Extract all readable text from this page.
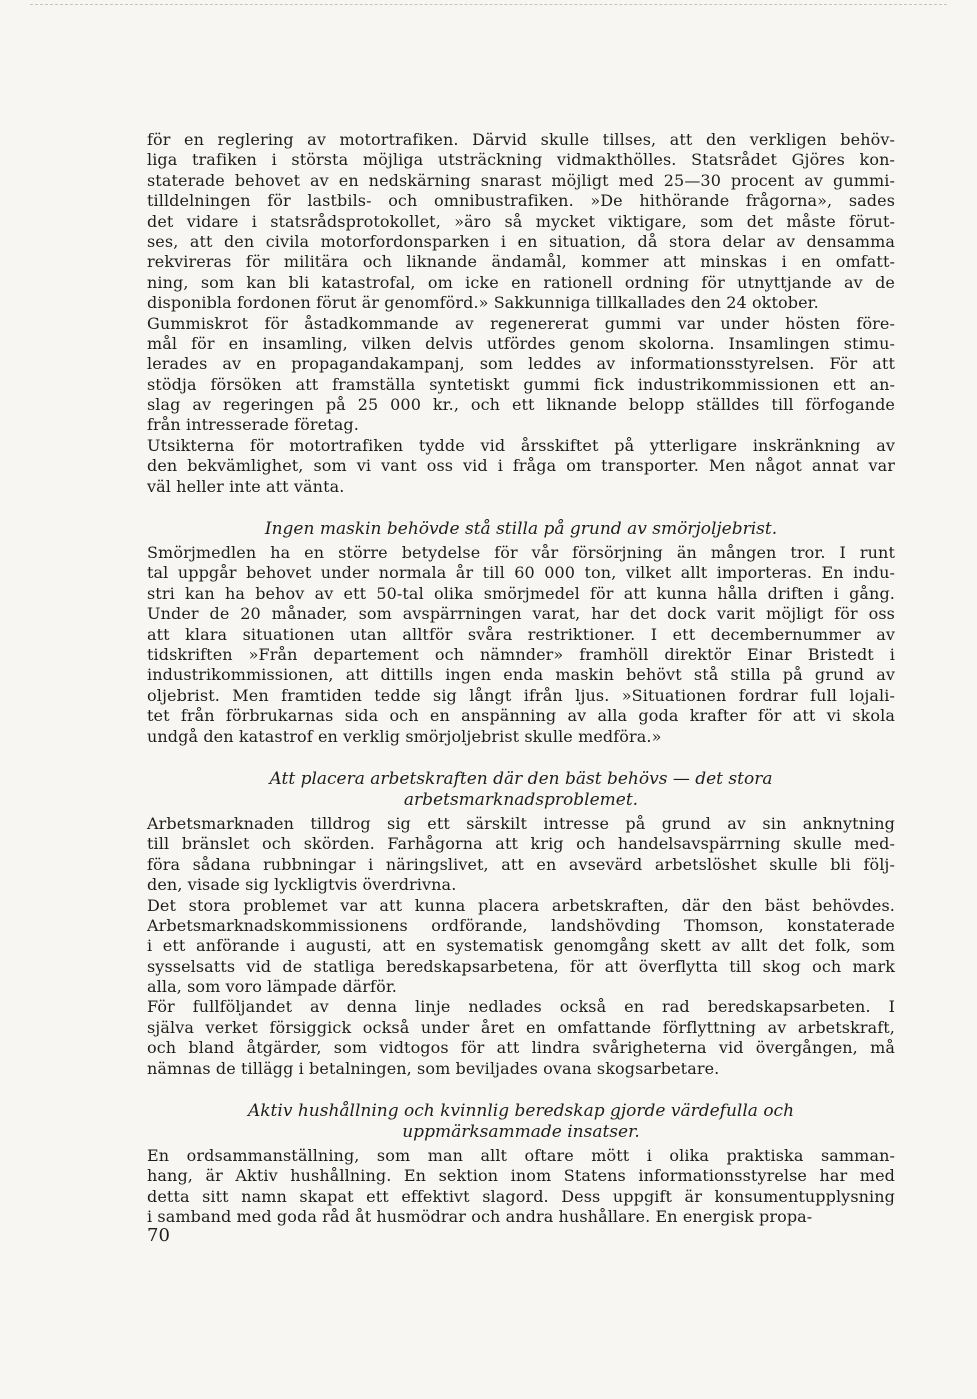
för en reglering av motortrafiken. Därvid skulle tillses, att den verkligen behöv-
liga trafiken i största möjliga utsträckning vidmakthölles. Statsrådet Gjöres kon-
staterade behovet av en nedskärning snarast möjligt med 25—30 procent av gummi-
tilldelningen för lastbils- och omnibustrafiken. »De hithörande frågorna», sades
det vidare i statsrådsprotokollet, »äro så mycket viktigare, som det måste förut-
ses, att den civila motorfordonsparken i en situation, då stora delar av densamma
rekvireras för militära och liknande ändamål, kommer att minskas i en omfatt-
ning, som kan bli katastrofal, om icke en rationell ordning för utnyttjande av de
disponibla fordonen förut är genomförd.» Sakkunniga tillkallades den 24 oktober.
Gummiskrot för åstadkommande av regenererat gummi var under hösten före-
mål för en insamling, vilken delvis utfördes genom skolorna. Insamlingen stimu-
lerades av en propagandakampanj, som leddes av informationsstyrelsen. För att
stödja försöken att framställa syntetiskt gummi fick industrikommissionen ett an-
slag av regeringen på 25 000 kr., och ett liknande belopp ställdes till förfogande
från intresserade företag.
Utsikterna för motortrafiken tydde vid årsskiftet på ytterligare inskränkning av
den bekvämlighet, som vi vant oss vid i fråga om transporter. Men något annat var
väl heller inte att vänta.
Ingen maskin behövde stå stilla på grund av smörjoljebrist.
Smörjmedlen ha en större betydelse för vår försörjning än mången tror. I runt
tal uppgår behovet under normala år till 60 000 ton, vilket allt importeras. En indu-
stri kan ha behov av ett 50-tal olika smörjmedel för att kunna hålla driften i gång.
Under de 20 månader, som avspärrningen varat, har det dock varit möjligt för oss
att klara situationen utan alltför svåra restriktioner. I ett decembernummer av
tidskriften »Från departement och nämnder» framhöll direktör Einar Bristedt i
industrikommissionen, att dittills ingen enda maskin behövt stå stilla på grund av
oljebrist. Men framtiden tedde sig långt ifrån ljus. »Situationen fordrar full lojali-
tet från förbrukarnas sida och en anspänning av alla goda krafter för att vi skola
undgå den katastrof en verklig smörjoljebrist skulle medföra.»
Att placera arbetskraften där den bäst behövs — det stora
arbetsmarknadsproblemet.
Arbetsmarknaden tilldrog sig ett särskilt intresse på grund av sin anknytning
till bränslet och skörden. Farhågorna att krig och handelsavspärrning skulle med-
föra sådana rubbningar i näringslivet, att en avsevärd arbetslöshet skulle bli följ-
den, visade sig lyckligtvis överdrivna.
Det stora problemet var att kunna placera arbetskraften, där den bäst behövdes.
Arbetsmarknadskommissionens ordförande, landshövding Thomson, konstaterade
i ett anförande i augusti, att en systematisk genomgång skett av allt det folk, som
sysselsatts vid de statliga beredskapsarbetena, för att överflytta till skog och mark
alla, som voro lämpade därför.
För fullföljandet av denna linje nedlades också en rad beredskapsarbeten. I
själva verket försiggick också under året en omfattande förflyttning av arbetskraft,
och bland åtgärder, som vidtogos för att lindra svårigheterna vid övergången, må
nämnas de tillägg i betalningen, som beviljades ovana skogsarbetare.
Aktiv hushållning och kvinnlig beredskap gjorde värdefulla och
uppmärksammade insatser.
En ordsammanställning, som man allt oftare mött i olika praktiska samman-
hang, är Aktiv hushållning. En sektion inom Statens informationsstyrelse har med
detta sitt namn skapat ett effektivt slagord. Dess uppgift är konsumentupplysning
i samband med goda råd åt husmödrar och andra hushållare. En energisk propa-
70
